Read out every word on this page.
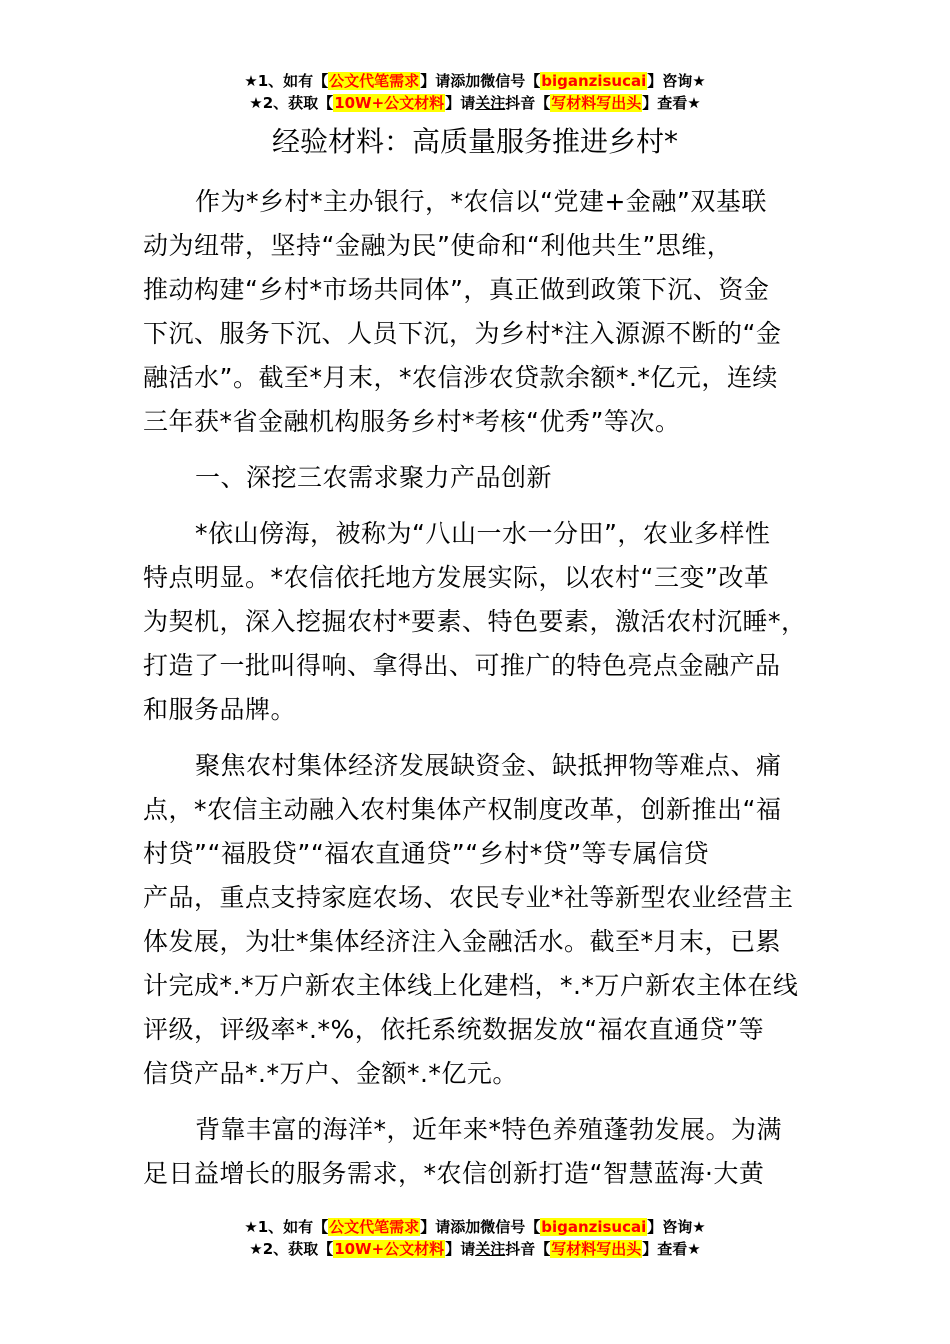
★1、如有【公文代笔需求】请添加微信号【biganzisucai】咨询★
★2、获取【10W+公文材料】请关注抖音【写材料写出头】查看★
经验材料：高质量服务推进乡村*
作为*乡村*主办银行，*农信以“党建+金融”双基联
动为纽带，坚持“金融为民”使命和“利他共生”思维，
推动构建“乡村*市场共同体”，真正做到政策下沉、资金
下沉、服务下沉、人员下沉，为乡村*注入源源不断的“金
融活水”。截至*月末，*农信涉农贷款余额*.*亿元，连续
三年获*省金融机构服务乡村*考核“优秀”等次。
一、深挖三农需求聚力产品创新
*依山傍海，被称为“八山一水一分田”，农业多样性
特点明显。*农信依托地方发展实际，以农村“三变”改革
为契机，深入挖掘农村*要素、特色要素，激活农村沉睡*，
打造了一批叫得响、拿得出、可推广的特色亮点金融产品
和服务品牌。
聚焦农村集体经济发展缺资金、缺抵押物等难点、痛
点，*农信主动融入农村集体产权制度改革，创新推出“福
村贷”“福股贷”“福农直通贷”“乡村*贷”等专属信贷
产品，重点支持家庭农场、农民专业*社等新型农业经营主
体发展，为壮*集体经济注入金融活水。截至*月末，已累
计完成*.*万户新农主体线上化建档，*.*万户新农主体在线
评级，评级率*.*%，依托系统数据发放“福农直通贷”等
信贷产品*.*万户、金额*.*亿元。
背靠丰富的海洋*，近年来*特色养殖蓬勃发展。为满
足日益增长的服务需求，*农信创新打造“智慧蓝海·大黄
★1、如有【公文代笔需求】请添加微信号【biganzisucai】咨询★
★2、获取【10W+公文材料】请关注抖音【写材料写出头】查看★
